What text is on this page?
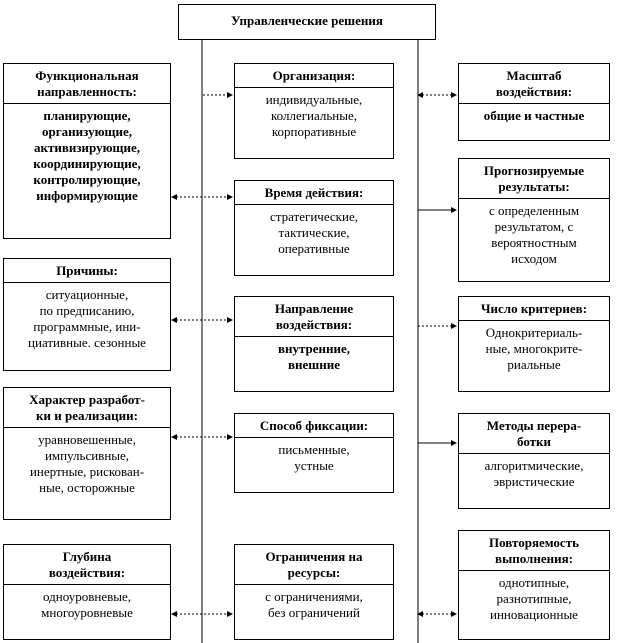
Управленческие решения
Функциональная
направленность:
планирующие,
организующие,
активизирующие,
координирующие,
контролирующие,
информирующие
Причины:
ситуационные,
по предписанию,
программные, ини-
циативные. сезонные
Характер разработ-
ки и реализации:
уравновешенные,
импульсивные,
инертные, рискован-
ные, осторожные
Глубина
воздействия:
одноуровневые,
многоуровневые
Организация:
индивидуальные,
коллегиальные,
корпоративные
Время действия:
стратегические,
тактические,
оперативные
Направление
воздействия:
внутренние,
внешние
Способ фиксации:
письменные,
устные
Ограничения на
ресурсы:
с ограничениями,
без ограничений
Масштаб
воздействия:
общие и частные
Прогнозируемые
результаты:
с определенным
результатом, с
вероятностным
исходом
Число критериев:
Однокритериаль-
ные, многокрите-
риальные
Методы перера-
ботки
алгоритмические,
эвристические
Повторяемость
выполнения:
однотипные,
разнотипные,
инновационные
